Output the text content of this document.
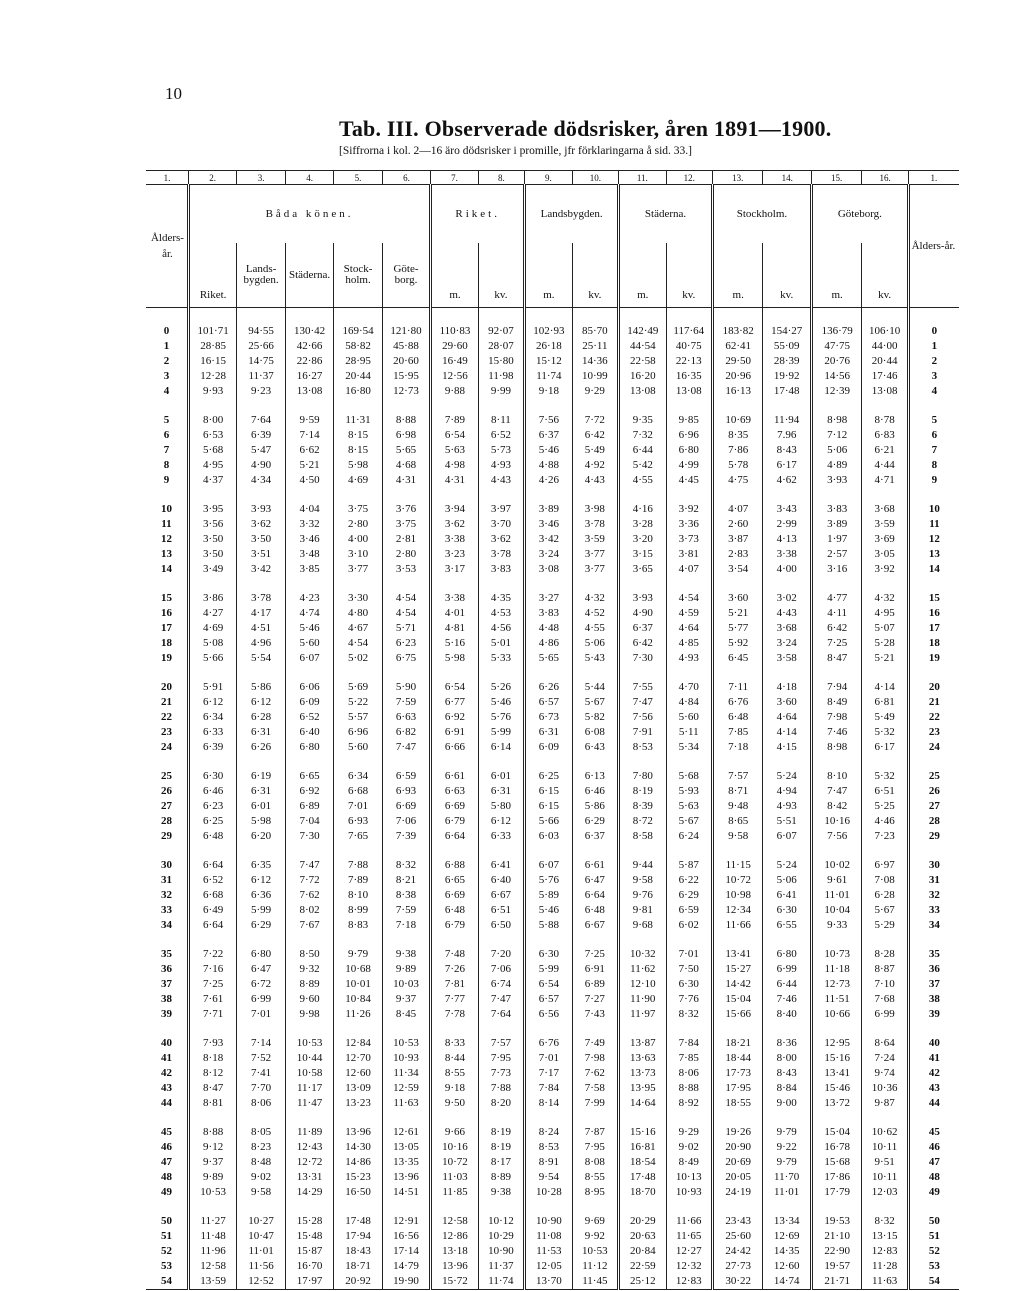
10
Tab. III. Observerade dödsrisker, åren 1891—1900.
[Siffrorna i kol. 2—16 äro dödsrisker i promille, jfr förklaringarna å sid. 33.]
1.	2.	3.	4.	5.	6.	7.	8.	9.	10.	11.	12.	13.	14.	15.	16.	1.
Ålders-år.	Båda könen.					Riket.		Landsbygden.		Städerna.		Stockholm.		Göteborg.		Ålders-år.
	Riket.	Lands-bygden.	Städerna.	Stock-holm.	Göte-borg.	m.	kv.	m.	kv.	m.	kv.	m.	kv.	m.	kv.	

0	101·71	94·55	130·42	169·54	121·80	110·83	92·07	102·93	85·70	142·49	117·64	183·82	154·27	136·79	106·10	0
1	28·85	25·66	42·66	58·82	45·88	29·60	28·07	26·18	25·11	44·54	40·75	62·41	55·09	47·75	44·00	1
2	16·15	14·75	22·86	28·95	20·60	16·49	15·80	15·12	14·36	22·58	22·13	29·50	28·39	20·76	20·44	2
3	12·28	11·37	16·27	20·44	15·95	12·56	11·98	11·74	10·99	16·20	16·35	20·96	19·92	14·56	17·46	3
4	9·93	9·23	13·08	16·80	12·73	9·88	9·99	9·18	9·29	13·08	13·08	16·13	17·48	12·39	13·08	4

5	8·00	7·64	9·59	11·31	8·88	7·89	8·11	7·56	7·72	9·35	9·85	10·69	11·94	8·98	8·78	5
6	6·53	6·39	7·14	8·15	6·98	6·54	6·52	6·37	6·42	7·32	6·96	8·35	7.96	7·12	6·83	6
7	5·68	5·47	6·62	8·15	5·65	5·63	5·73	5·46	5·49	6·44	6·80	7·86	8·43	5·06	6·21	7
8	4·95	4·90	5·21	5·98	4·68	4·98	4·93	4·88	4·92	5·42	4·99	5·78	6·17	4·89	4·44	8
9	4·37	4·34	4·50	4·69	4·31	4·31	4·43	4·26	4·43	4·55	4·45	4·75	4·62	3·93	4·71	9

10	3·95	3·93	4·04	3·75	3·76	3·94	3·97	3·89	3·98	4·16	3·92	4·07	3·43	3·83	3·68	10
11	3·56	3·62	3·32	2·80	3·75	3·62	3·70	3·46	3·78	3·28	3·36	2·60	2·99	3·89	3·59	11
12	3·50	3·50	3·46	4·00	2·81	3·38	3·62	3·42	3·59	3·20	3·73	3·87	4·13	1·97	3·69	12
13	3·50	3·51	3·48	3·10	2·80	3·23	3·78	3·24	3·77	3·15	3·81	2·83	3·38	2·57	3·05	13
14	3·49	3·42	3·85	3·77	3·53	3·17	3·83	3·08	3·77	3·65	4·07	3·54	4·00	3·16	3·92	14

15	3·86	3·78	4·23	3·30	4·54	3·38	4·35	3·27	4·32	3·93	4·54	3·60	3·02	4·77	4·32	15
16	4·27	4·17	4·74	4·80	4·54	4·01	4·53	3·83	4·52	4·90	4·59	5·21	4·43	4·11	4·95	16
17	4·69	4·51	5·46	4·67	5·71	4·81	4·56	4·48	4·55	6·37	4·64	5·77	3·68	6·42	5·07	17
18	5·08	4·96	5·60	4·54	6·23	5·16	5·01	4·86	5·06	6·42	4·85	5·92	3·24	7·25	5·28	18
19	5·66	5·54	6·07	5·02	6·75	5·98	5·33	5·65	5·43	7·30	4·93	6·45	3·58	8·47	5·21	19

20	5·91	5·86	6·06	5·69	5·90	6·54	5·26	6·26	5·44	7·55	4·70	7·11	4·18	7·94	4·14	20
21	6·12	6·12	6·09	5·22	7·59	6·77	5·46	6·57	5·67	7·47	4·84	6·76	3·60	8·49	6·81	21
22	6·34	6·28	6·52	5·57	6·63	6·92	5·76	6·73	5·82	7·56	5·60	6·48	4·64	7·98	5·49	22
23	6·33	6·31	6·40	6·96	6·82	6·91	5·99	6·31	6·08	7·91	5·11	7·85	4·14	7·46	5·32	23
24	6·39	6·26	6·80	5·60	7·47	6·66	6·14	6·09	6·43	8·53	5·34	7·18	4·15	8·98	6·17	24

25	6·30	6·19	6·65	6·34	6·59	6·61	6·01	6·25	6·13	7·80	5·68	7·57	5·24	8·10	5·32	25
26	6·46	6·31	6·92	6·68	6·93	6·63	6·31	6·15	6·46	8·19	5·93	8·71	4·94	7·47	6·51	26
27	6·23	6·01	6·89	7·01	6·69	6·69	5·80	6·15	5·86	8·39	5·63	9·48	4·93	8·42	5·25	27
28	6·25	5·98	7·04	6·93	7·06	6·79	6·12	5·66	6·29	8·72	5·67	8·65	5·51	10·16	4·46	28
29	6·48	6·20	7·30	7·65	7·39	6·64	6·33	6·03	6·37	8·58	6·24	9·58	6·07	7·56	7·23	29

30	6·64	6·35	7·47	7·88	8·32	6·88	6·41	6·07	6·61	9·44	5·87	11·15	5·24	10·02	6·97	30
31	6·52	6·12	7·72	7·89	8·21	6·65	6·40	5·76	6·47	9·58	6·22	10·72	5·06	9·61	7·08	31
32	6·68	6·36	7·62	8·10	8·38	6·69	6·67	5·89	6·64	9·76	6·29	10·98	6·41	11·01	6·28	32
33	6·49	5·99	8·02	8·99	7·59	6·48	6·51	5·46	6·48	9·81	6·59	12·34	6·30	10·04	5·67	33
34	6·64	6·29	7·67	8·83	7·18	6·79	6·50	5·88	6·67	9·68	6·02	11·66	6·55	9·33	5·29	34

35	7·22	6·80	8·50	9·79	9·38	7·48	7·20	6·30	7·25	10·32	7·01	13·41	6·80	10·73	8·28	35
36	7·16	6·47	9·32	10·68	9·89	7·26	7·06	5·99	6·91	11·62	7·50	15·27	6·99	11·18	8·87	36
37	7·25	6·72	8·89	10·01	10·03	7·81	6·74	6·54	6·89	12·10	6·30	14·42	6·44	12·73	7·10	37
38	7·61	6·99	9·60	10·84	9·37	7·77	7·47	6·57	7·27	11·90	7·76	15·04	7·46	11·51	7·68	38
39	7·71	7·01	9·98	11·26	8·45	7·78	7·64	6·56	7·43	11·97	8·32	15·66	8·40	10·66	6·99	39

40	7·93	7·14	10·53	12·84	10·53	8·33	7·57	6·76	7·49	13·87	7·84	18·21	8·36	12·95	8·64	40
41	8·18	7·52	10·44	12·70	10·93	8·44	7·95	7·01	7·98	13·63	7·85	18·44	8·00	15·16	7·24	41
42	8·12	7·41	10·58	12·60	11·34	8·55	7·73	7·17	7·62	13·73	8·06	17·73	8·43	13·41	9·74	42
43	8·47	7·70	11·17	13·09	12·59	9·18	7·88	7·84	7·58	13·95	8·88	17·95	8·84	15·46	10·36	43
44	8·81	8·06	11·47	13·23	11·63	9·50	8·20	8·14	7·99	14·64	8·92	18·55	9·00	13·72	9·87	44

45	8·88	8·05	11·89	13·96	12·61	9·66	8·19	8·24	7·87	15·16	9·29	19·26	9·79	15·04	10·62	45
46	9·12	8·23	12·43	14·30	13·05	10·16	8·19	8·53	7·95	16·81	9·02	20·90	9·22	16·78	10·11	46
47	9·37	8·48	12·72	14·86	13·35	10·72	8·17	8·91	8·08	18·54	8·49	20·69	9·79	15·68	9·51	47
48	9·89	9·02	13·31	15·23	13·96	11·03	8·89	9·54	8·55	17·48	10·13	20·05	11·70	17·86	10·11	48
49	10·53	9·58	14·29	16·50	14·51	11·85	9·38	10·28	8·95	18·70	10·93	24·19	11·01	17·79	12·03	49

50	11·27	10·27	15·28	17·48	12·91	12·58	10·12	10·90	9·69	20·29	11·66	23·43	13·34	19·53	8·32	50
51	11·48	10·47	15·48	17·94	16·56	12·86	10·29	11·08	9·92	20·63	11·65	25·60	12·69	21·10	13·15	51
52	11·96	11·01	15·87	18·43	17·14	13·18	10·90	11·53	10·53	20·84	12·27	24·42	14·35	22·90	12·83	52
53	12·58	11·56	16·70	18·71	14·79	13·96	11·37	12·05	11·12	22·59	12·32	27·73	12·60	19·57	11·28	53
54	13·59	12·52	17·97	20·92	19·90	15·72	11·74	13·70	11·45	25·12	12·83	30·22	14·74	21·71	11·63	54
